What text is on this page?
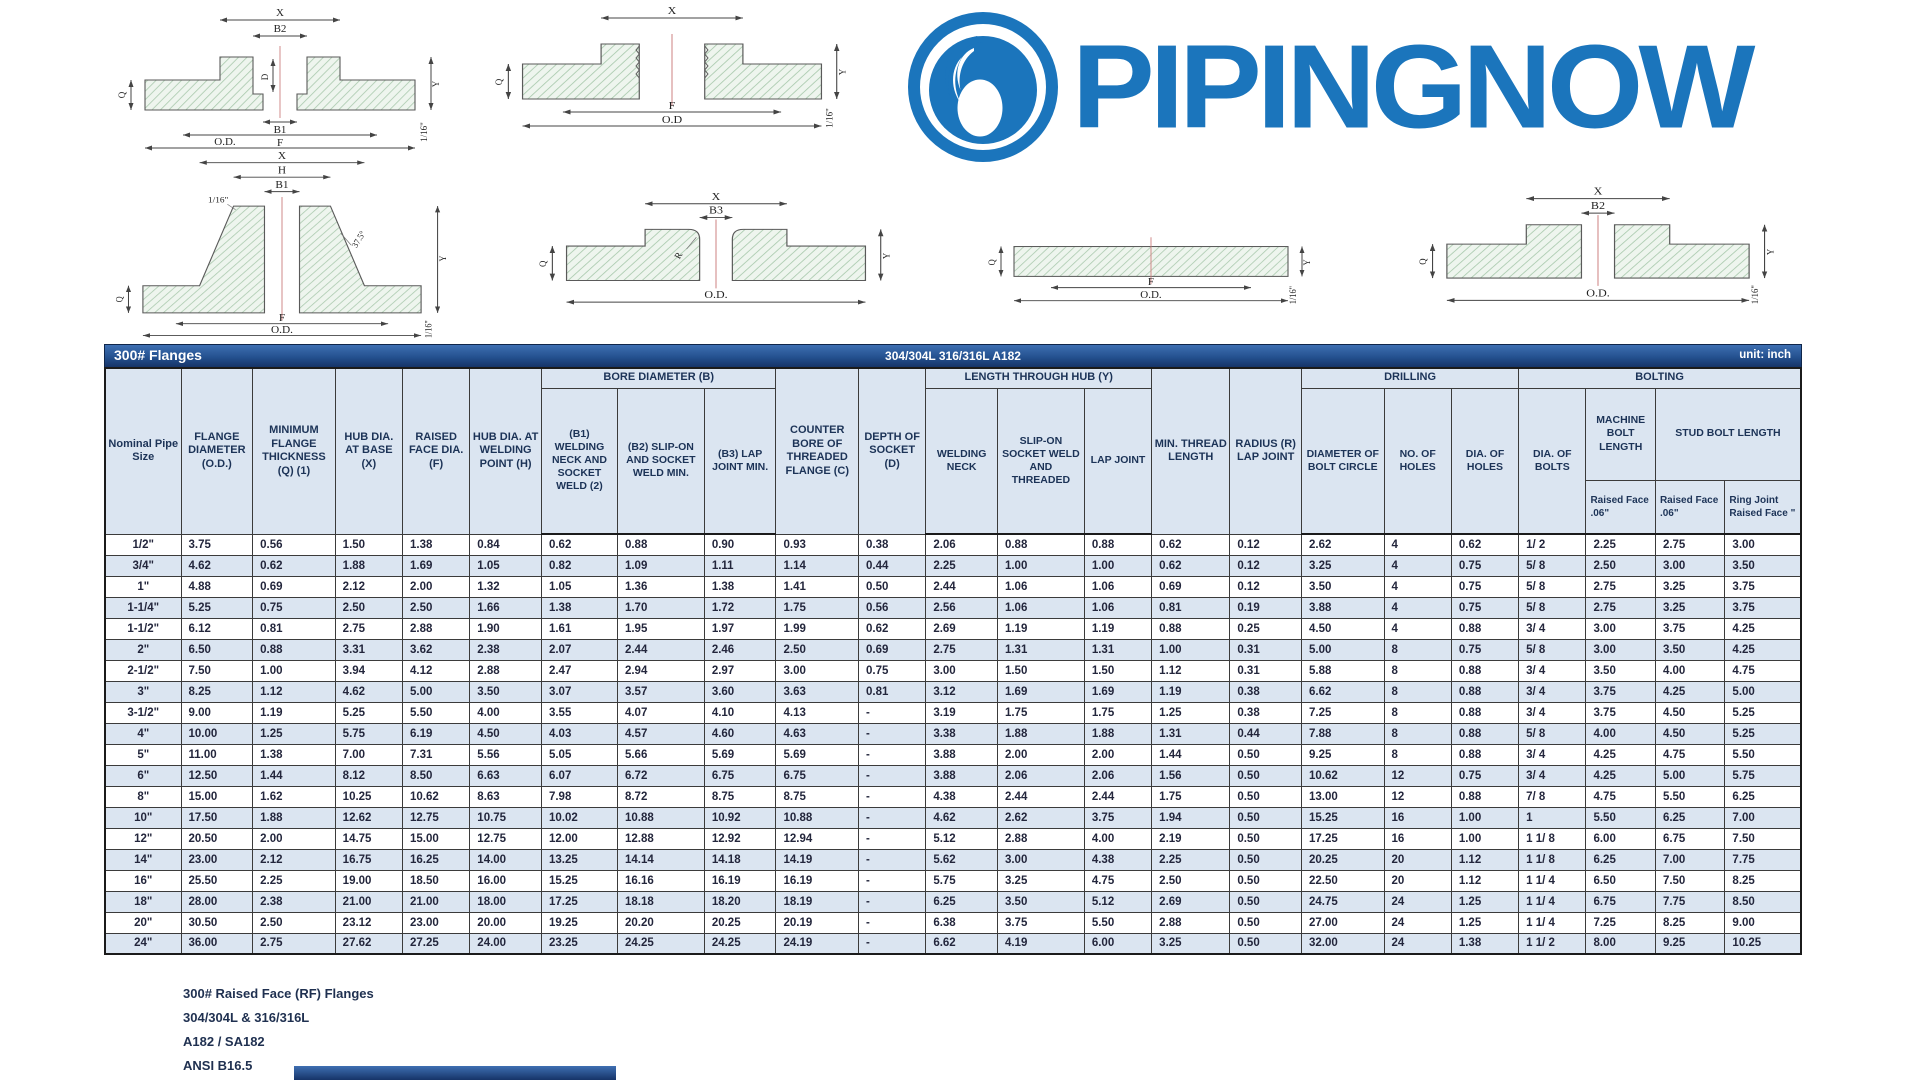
X
B2
D
B1
F
O.D.
Q
Y
1/16"
X
F
O.D
Q
Y
1/16"
X
H
B1
1/16"
37.5°
F
O.D.
Q
Y
1/16"
X
B3
R
O.D.
Q
Y
F
O.D.
Q	Y
1/16"
X
B2
O.D.
Q
Y
1/16"
PIPINGNOW
300# Flanges	304/304L 316/316L A182	unit: inch
Nominal Pipe Size	FLANGE DIAMETER (O.D.)	MINIMUM FLANGE THICKNESS (Q) (1)	HUB DIA. AT BASE (X)	RAISED FACE DIA. (F)	HUB DIA. AT WELDING POINT (H)	BORE DIAMETER (B)			COUNTER BORE OF THREADED FLANGE (C)	DEPTH OF SOCKET (D)	LENGTH THROUGH HUB (Y)			MIN. THREAD LENGTH	RADIUS (R) LAP JOINT	DRILLING			BOLTING			
						(B1) WELDING NECK AND SOCKET WELD (2)	(B2) SLIP-ON AND SOCKET WELD MIN.	(B3) LAP JOINT MIN.			WELDING NECK	SLIP-ON SOCKET WELD AND THREADED	LAP JOINT			DIAMETER OF BOLT CIRCLE	NO. OF HOLES	DIA. OF HOLES	DIA. OF BOLTS	MACHINE BOLT LENGTH	STUD BOLT LENGTH	
																				Raised Face .06"	Raised Face .06"	Ring Joint Raised Face "
1/2"	3.75	0.56	1.50	1.38	0.84	0.62	0.88	0.90	0.93	0.38	2.06	0.88	0.88	0.62	0.12	2.62	4	0.62	1/ 2	2.25	2.75	3.00
3/4"	4.62	0.62	1.88	1.69	1.05	0.82	1.09	1.11	1.14	0.44	2.25	1.00	1.00	0.62	0.12	3.25	4	0.75	5/ 8	2.50	3.00	3.50
1"	4.88	0.69	2.12	2.00	1.32	1.05	1.36	1.38	1.41	0.50	2.44	1.06	1.06	0.69	0.12	3.50	4	0.75	5/ 8	2.75	3.25	3.75
1-1/4"	5.25	0.75	2.50	2.50	1.66	1.38	1.70	1.72	1.75	0.56	2.56	1.06	1.06	0.81	0.19	3.88	4	0.75	5/ 8	2.75	3.25	3.75
1-1/2"	6.12	0.81	2.75	2.88	1.90	1.61	1.95	1.97	1.99	0.62	2.69	1.19	1.19	0.88	0.25	4.50	4	0.88	3/ 4	3.00	3.75	4.25
2"	6.50	0.88	3.31	3.62	2.38	2.07	2.44	2.46	2.50	0.69	2.75	1.31	1.31	1.00	0.31	5.00	8	0.75	5/ 8	3.00	3.50	4.25
2-1/2"	7.50	1.00	3.94	4.12	2.88	2.47	2.94	2.97	3.00	0.75	3.00	1.50	1.50	1.12	0.31	5.88	8	0.88	3/ 4	3.50	4.00	4.75
3"	8.25	1.12	4.62	5.00	3.50	3.07	3.57	3.60	3.63	0.81	3.12	1.69	1.69	1.19	0.38	6.62	8	0.88	3/ 4	3.75	4.25	5.00
3-1/2"	9.00	1.19	5.25	5.50	4.00	3.55	4.07	4.10	4.13	-	3.19	1.75	1.75	1.25	0.38	7.25	8	0.88	3/ 4	3.75	4.50	5.25
4"	10.00	1.25	5.75	6.19	4.50	4.03	4.57	4.60	4.63	-	3.38	1.88	1.88	1.31	0.44	7.88	8	0.88	5/ 8	4.00	4.50	5.25
5"	11.00	1.38	7.00	7.31	5.56	5.05	5.66	5.69	5.69	-	3.88	2.00	2.00	1.44	0.50	9.25	8	0.88	3/ 4	4.25	4.75	5.50
6"	12.50	1.44	8.12	8.50	6.63	6.07	6.72	6.75	6.75	-	3.88	2.06	2.06	1.56	0.50	10.62	12	0.75	3/ 4	4.25	5.00	5.75
8"	15.00	1.62	10.25	10.62	8.63	7.98	8.72	8.75	8.75	-	4.38	2.44	2.44	1.75	0.50	13.00	12	0.88	7/ 8	4.75	5.50	6.25
10"	17.50	1.88	12.62	12.75	10.75	10.02	10.88	10.92	10.88	-	4.62	2.62	3.75	1.94	0.50	15.25	16	1.00	1	5.50	6.25	7.00
12"	20.50	2.00	14.75	15.00	12.75	12.00	12.88	12.92	12.94	-	5.12	2.88	4.00	2.19	0.50	17.25	16	1.00	1 1/ 8	6.00	6.75	7.50
14"	23.00	2.12	16.75	16.25	14.00	13.25	14.14	14.18	14.19	-	5.62	3.00	4.38	2.25	0.50	20.25	20	1.12	1 1/ 8	6.25	7.00	7.75
16"	25.50	2.25	19.00	18.50	16.00	15.25	16.16	16.19	16.19	-	5.75	3.25	4.75	2.50	0.50	22.50	20	1.12	1 1/ 4	6.50	7.50	8.25
18"	28.00	2.38	21.00	21.00	18.00	17.25	18.18	18.20	18.19	-	6.25	3.50	5.12	2.69	0.50	24.75	24	1.25	1 1/ 4	6.75	7.75	8.50
20"	30.50	2.50	23.12	23.00	20.00	19.25	20.20	20.25	20.19	-	6.38	3.75	5.50	2.88	0.50	27.00	24	1.25	1 1/ 4	7.25	8.25	9.00
24"	36.00	2.75	27.62	27.25	24.00	23.25	24.25	24.25	24.19	-	6.62	4.19	6.00	3.25	0.50	32.00	24	1.38	1 1/ 2	8.00	9.25	10.25
300# Raised Face (RF) Flanges
304/304L & 316/316L
A182 / SA182
ANSI B16.5
